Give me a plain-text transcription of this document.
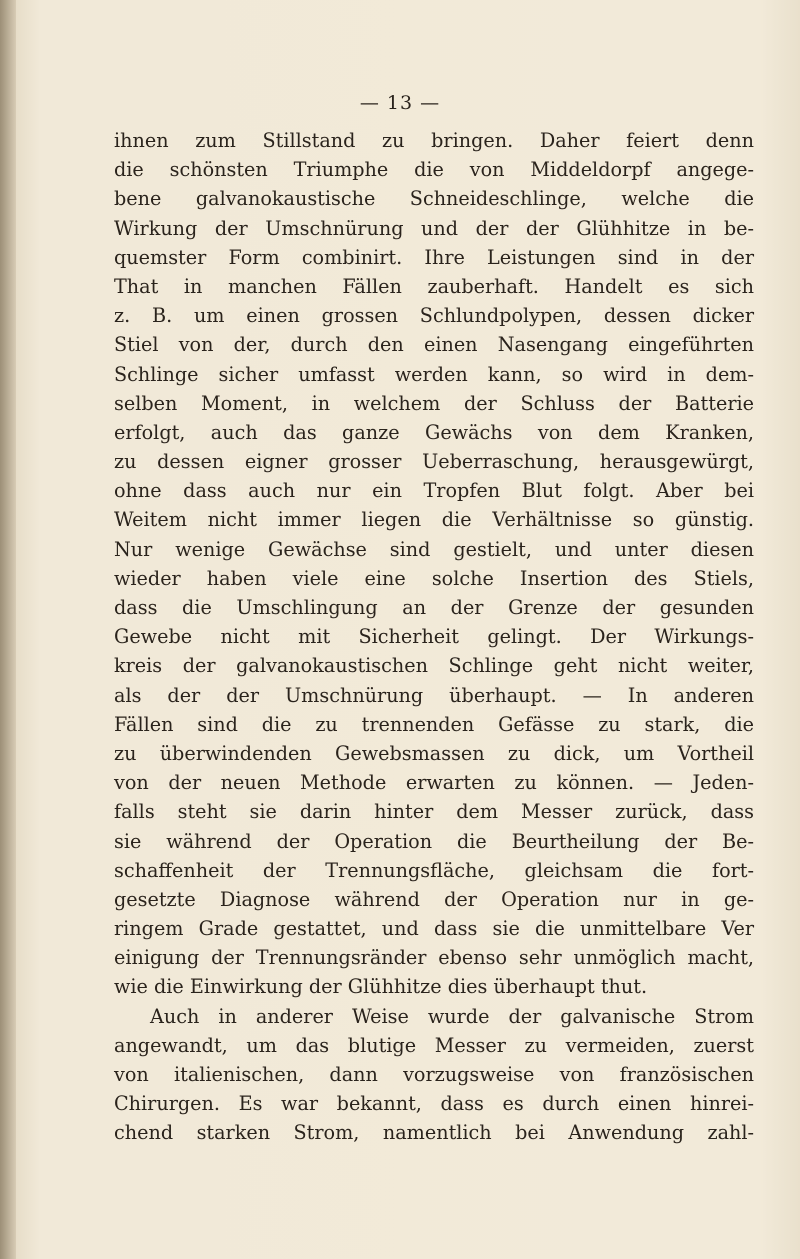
— 13 —
ihnen zum Stillstand zu bringen. Daher feiert denn
die schönsten Triumphe die von Middeldorpf angege-
bene galvanokaustische Schneideschlinge, welche die
Wirkung der Umschnürung und der der Glühhitze in be-
quemster Form combinirt. Ihre Leistungen sind in der
That in manchen Fällen zauberhaft. Handelt es sich
z. B. um einen grossen Schlundpolypen, dessen dicker
Stiel von der, durch den einen Nasengang eingeführten
Schlinge sicher umfasst werden kann, so wird in dem-
selben Moment, in welchem der Schluss der Batterie
erfolgt, auch das ganze Gewächs von dem Kranken,
zu dessen eigner grosser Ueberraschung, herausgewürgt,
ohne dass auch nur ein Tropfen Blut folgt. Aber bei
Weitem nicht immer liegen die Verhältnisse so günstig.
Nur wenige Gewächse sind gestielt, und unter diesen
wieder haben viele eine solche Insertion des Stiels,
dass die Umschlingung an der Grenze der gesunden
Gewebe nicht mit Sicherheit gelingt. Der Wirkungs-
kreis der galvanokaustischen Schlinge geht nicht weiter,
als der der Umschnürung überhaupt. — In anderen
Fällen sind die zu trennenden Gefässe zu stark, die
zu überwindenden Gewebsmassen zu dick, um Vortheil
von der neuen Methode erwarten zu können. — Jeden-
falls steht sie darin hinter dem Messer zurück, dass
sie während der Operation die Beurtheilung der Be-
schaffenheit der Trennungsfläche, gleichsam die fort-
gesetzte Diagnose während der Operation nur in ge-
ringem Grade gestattet, und dass sie die unmittelbare Ver
einigung der Trennungsränder ebenso sehr unmöglich macht,
wie die Einwirkung der Glühhitze dies überhaupt thut.
Auch in anderer Weise wurde der galvanische Strom
angewandt, um das blutige Messer zu vermeiden, zuerst
von italienischen, dann vorzugsweise von französischen
Chirurgen. Es war bekannt, dass es durch einen hinrei-
chend starken Strom, namentlich bei Anwendung zahl-
